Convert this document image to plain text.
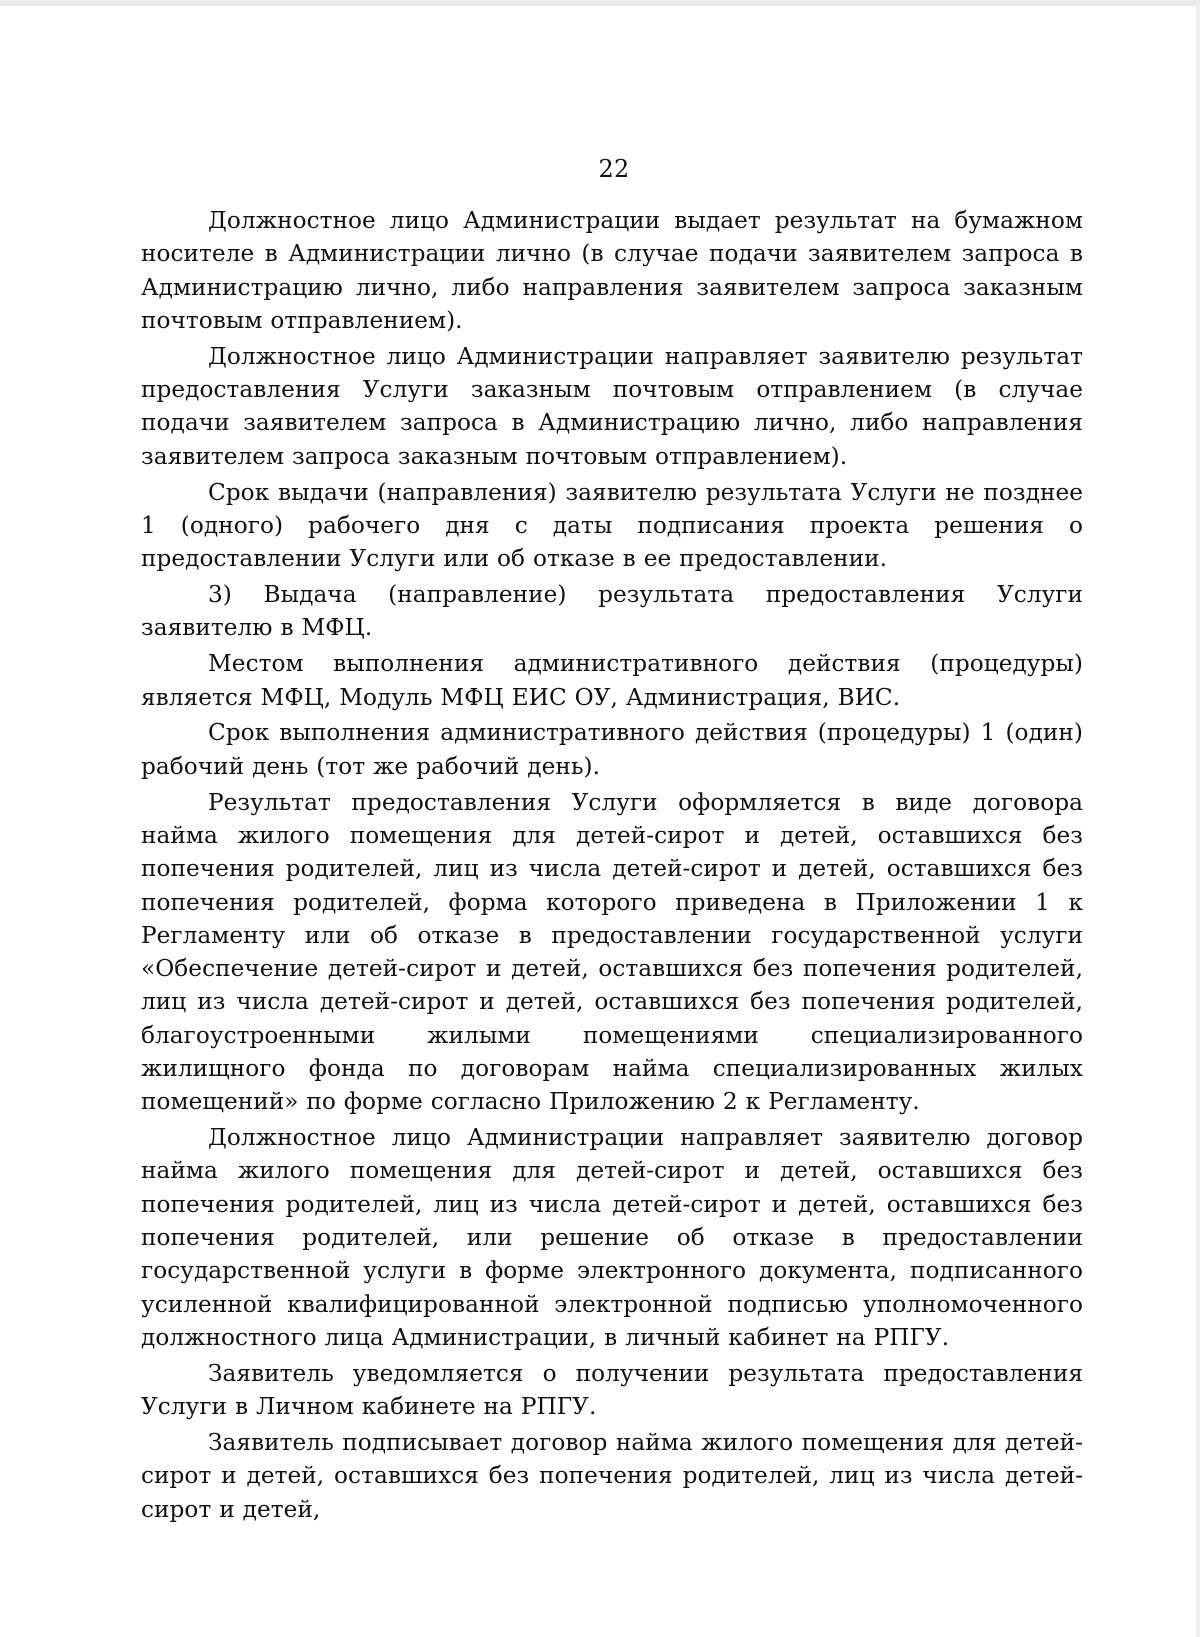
22

Должностное лицо Администрации выдает результат на бумажном носителе в Администрации лично (в случае подачи заявителем запроса в Администрацию лично, либо направления заявителем запроса заказным почтовым отправлением).

Должностное лицо Администрации направляет заявителю результат предоставления Услуги заказным почтовым отправлением (в случае подачи заявителем запроса в Администрацию лично, либо направления заявителем запроса заказным почтовым отправлением).

Срок выдачи (направления) заявителю результата Услуги не позднее 1 (одного) рабочего дня с даты подписания проекта решения о предоставлении Услуги или об отказе в ее предоставлении.

3) Выдача (направление) результата предоставления Услуги заявителю в МФЦ.

Местом выполнения административного действия (процедуры) является МФЦ, Модуль МФЦ ЕИС ОУ, Администрация, ВИС.

Срок выполнения административного действия (процедуры) 1 (один) рабочий день (тот же рабочий день).

Результат предоставления Услуги оформляется в виде договора найма жилого помещения для детей-сирот и детей, оставшихся без попечения родителей, лиц из числа детей-сирот и детей, оставшихся без попечения родителей, форма которого приведена в Приложении 1 к Регламенту или об отказе в предоставлении государственной услуги «Обеспечение детей-сирот и детей, оставшихся без попечения родителей, лиц из числа детей-сирот и детей, оставшихся без попечения родителей, благоустроенными жилыми помещениями специализированного жилищного фонда по договорам найма специализированных жилых помещений» по форме согласно Приложению 2 к Регламенту.

Должностное лицо Администрации направляет заявителю договор найма жилого помещения для детей-сирот и детей, оставшихся без попечения родителей, лиц из числа детей-сирот и детей, оставшихся без попечения родителей, или решение об отказе в предоставлении государственной услуги в форме электронного документа, подписанного усиленной квалифицированной электронной подписью уполномоченного должностного лица Администрации, в личный кабинет на РПГУ.

Заявитель уведомляется о получении результата предоставления Услуги в Личном кабинете на РПГУ.

Заявитель подписывает договор найма жилого помещения для детей-сирот и детей, оставшихся без попечения родителей, лиц из числа детей-сирот и детей,
